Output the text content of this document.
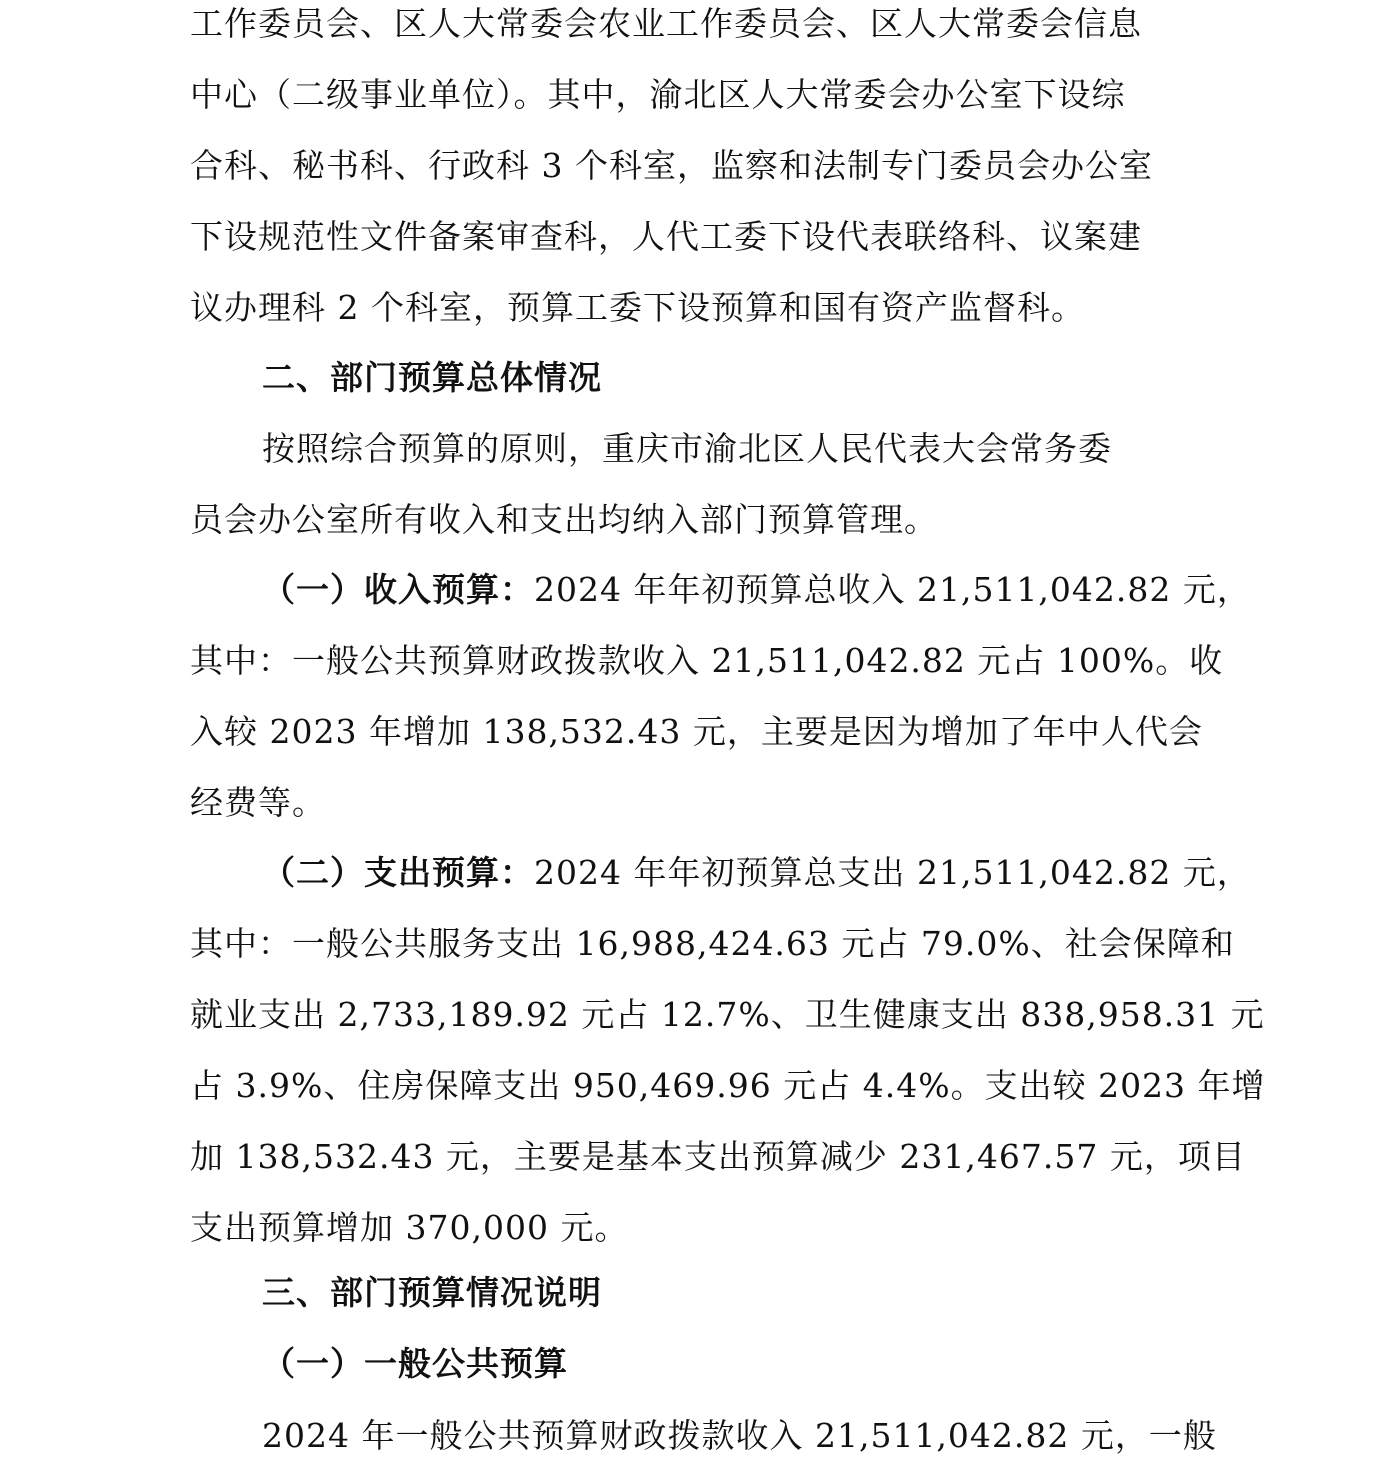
工作委员会、区人大常委会农业工作委员会、区人大常委会信息
中心（二级事业单位）。其中，渝北区人大常委会办公室下设综
合科、秘书科、行政科 3 个科室，监察和法制专门委员会办公室
下设规范性文件备案审查科，人代工委下设代表联络科、议案建
议办理科 2 个科室，预算工委下设预算和国有资产监督科。
二、部门预算总体情况
按照综合预算的原则，重庆市渝北区人民代表大会常务委
员会办公室所有收入和支出均纳入部门预算管理。
（一）收入预算：2024 年年初预算总收入 21,511,042.82 元，
其中：一般公共预算财政拨款收入 21,511,042.82 元占 100%。收
入较 2023 年增加 138,532.43 元，主要是因为增加了年中人代会
经费等。
（二）支出预算：2024 年年初预算总支出 21,511,042.82 元，
其中：一般公共服务支出 16,988,424.63 元占 79.0%、社会保障和
就业支出 2,733,189.92 元占 12.7%、卫生健康支出 838,958.31 元
占 3.9%、住房保障支出 950,469.96 元占 4.4%。支出较 2023 年增
加 138,532.43 元，主要是基本支出预算减少 231,467.57 元，项目
支出预算增加 370,000 元。
三、部门预算情况说明
（一）一般公共预算
2024 年一般公共预算财政拨款收入 21,511,042.82 元，一般
